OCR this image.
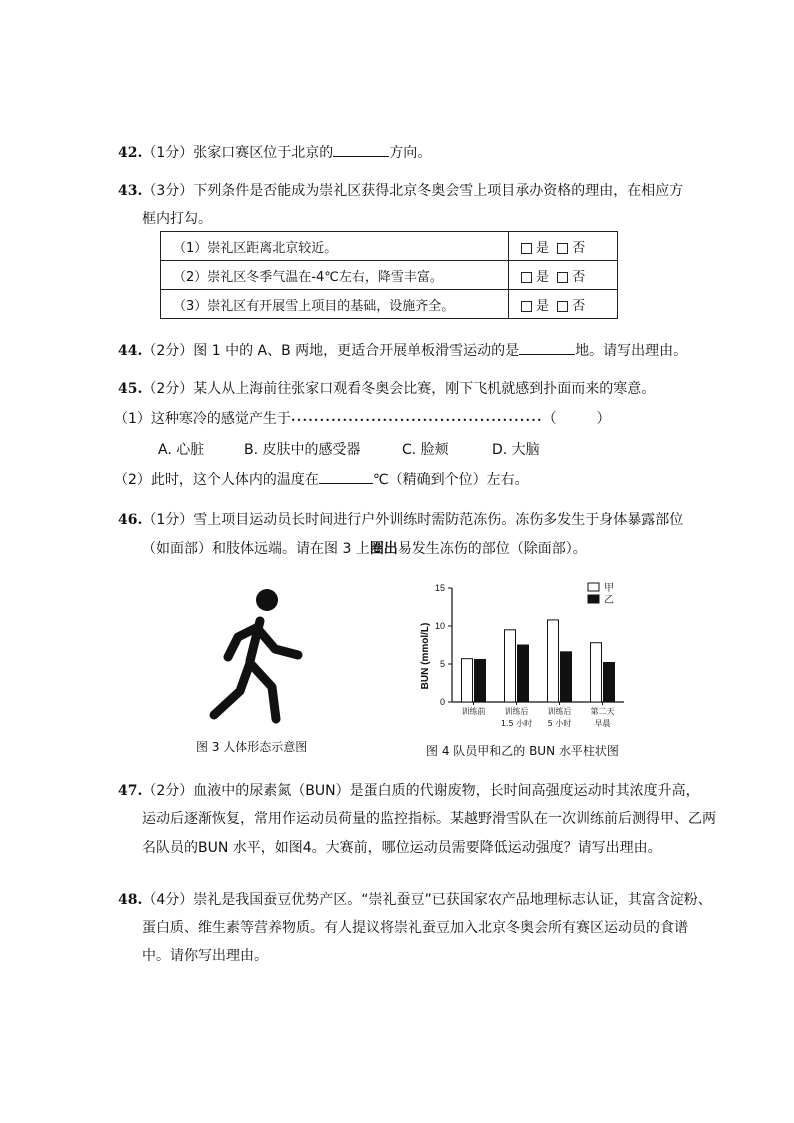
42.（1分）张家口赛区位于北京的	方向。
43.（3分）下列条件是否能成为崇礼区获得北京冬奥会雪上项目承办资格的理由，在相应方
框内打勾。
（1）崇礼区距离北京较近。	是 否
（2）崇礼区冬季气温在-4℃左右，降雪丰富。	是 否
（3）崇礼区有开展雪上项目的基础，设施齐全。	是 否
44.（2分）图 1 中的 A、B 两地，更适合开展单板滑雪运动的是	地。请写出理由。
45.（2分）某人从上海前往张家口观看冬奥会比赛，刚下飞机就感到扑面而来的寒意。
（1）这种寒冷的感觉产生于••••••••••••••••••••••••••••••••••••••••••••（	）
A. 心脏	B. 皮肤中的感受器	C. 脸颊	D. 大脑
（2）此时，这个人体内的温度在	℃（精确到个位）左右。
46.（1分）雪上项目运动员长时间进行户外训练时需防范冻伤。冻伤多发生于身体暴露部位
（如面部）和肢体远端。请在图 3 上圈出易发生冻伤的部位（除面部）。
图 3 人体形态示意图
BUN (mmol/L)
0
5
10
15
训练前 训练后
1.5 小时
训练后
5 小时
第二天
早晨
甲
乙
图 4 队员甲和乙的 BUN 水平柱状图
47.（2分）血液中的尿素氮（BUN）是蛋白质的代谢废物，长时间高强度运动时其浓度升高，
运动后逐渐恢复，常用作运动员荷量的监控指标。某越野滑雪队在一次训练前后测得甲、乙两
名队员的BUN 水平，如图4。大赛前，哪位运动员需要降低运动强度？请写出理由。
48.（4分）崇礼是我国蚕豆优势产区。“崇礼蚕豆”已获国家农产品地理标志认证，其富含淀粉、
蛋白质、维生素等营养物质。有人提议将崇礼蚕豆加入北京冬奥会所有赛区运动员的食谱
中。请你写出理由。
